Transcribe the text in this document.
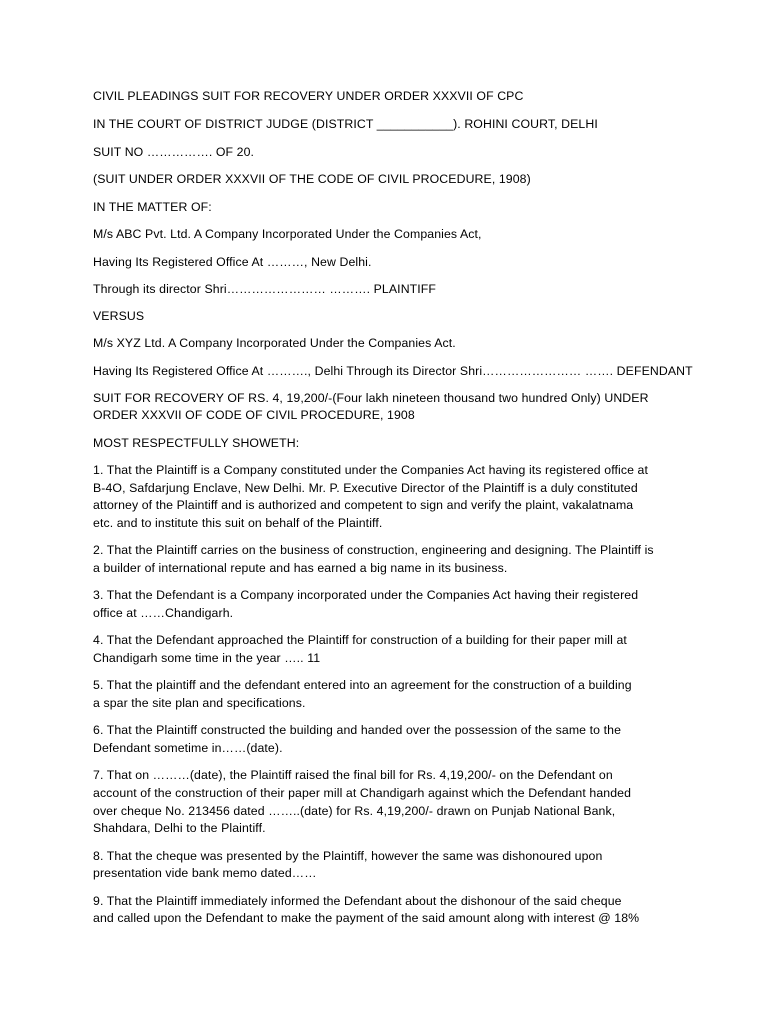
CIVIL PLEADINGS SUIT FOR RECOVERY UNDER ORDER XXXVII OF CPC

IN THE COURT OF DISTRICT JUDGE (DISTRICT ___________). ROHINI COURT, DELHI

SUIT NO ……………. OF 20.

(SUIT UNDER ORDER XXXVII OF THE CODE OF CIVIL PROCEDURE, 1908)

IN THE MATTER OF:

M/s ABC Pvt. Ltd. A Company Incorporated Under the Companies Act,

Having Its Registered Office At ………, New Delhi.

Through its director Shri…………………… ………. PLAINTIFF

VERSUS

M/s XYZ Ltd. A Company Incorporated Under the Companies Act.

Having Its Registered Office At ………., Delhi Through its Director Shri…………………… ……. DEFENDANT

SUIT FOR RECOVERY OF RS. 4, 19,200/-(Four lakh nineteen thousand two hundred Only) UNDER

ORDER XXXVII OF CODE OF CIVIL PROCEDURE, 1908

MOST RESPECTFULLY SHOWETH:

1. That the Plaintiff is a Company constituted under the Companies Act having its registered office at

B-4O, Safdarjung Enclave, New Delhi. Mr. P. Executive Director of the Plaintiff is a duly constituted

attorney of the Plaintiff and is authorized and competent to sign and verify the plaint, vakalatnama

etc. and to institute this suit on behalf of the Plaintiff.

2. That the Plaintiff carries on the business of construction, engineering and designing. The Plaintiff is

a builder of international repute and has earned a big name in its business.

3. That the Defendant is a Company incorporated under the Companies Act having their registered

office at ……Chandigarh.

4. That the Defendant approached the Plaintiff for construction of a building for their paper mill at

Chandigarh some time in the year ….. 11

5. That the plaintiff and the defendant entered into an agreement for the construction of a building

a spar the site plan and specifications.

6. That the Plaintiff constructed the building and handed over the possession of the same to the

Defendant sometime in……(date).

7. That on ………(date), the Plaintiff raised the final bill for Rs. 4,19,200/- on the Defendant on

account of the construction of their paper mill at Chandigarh against which the Defendant handed

over cheque No. 213456 dated ……..(date) for Rs. 4,19,200/- drawn on Punjab National Bank,

Shahdara, Delhi to the Plaintiff.

8. That the cheque was presented by the Plaintiff, however the same was dishonoured upon

presentation vide bank memo dated……

9. That the Plaintiff immediately informed the Defendant about the dishonour of the said cheque

and called upon the Defendant to make the payment of the said amount along with interest @ 18%
